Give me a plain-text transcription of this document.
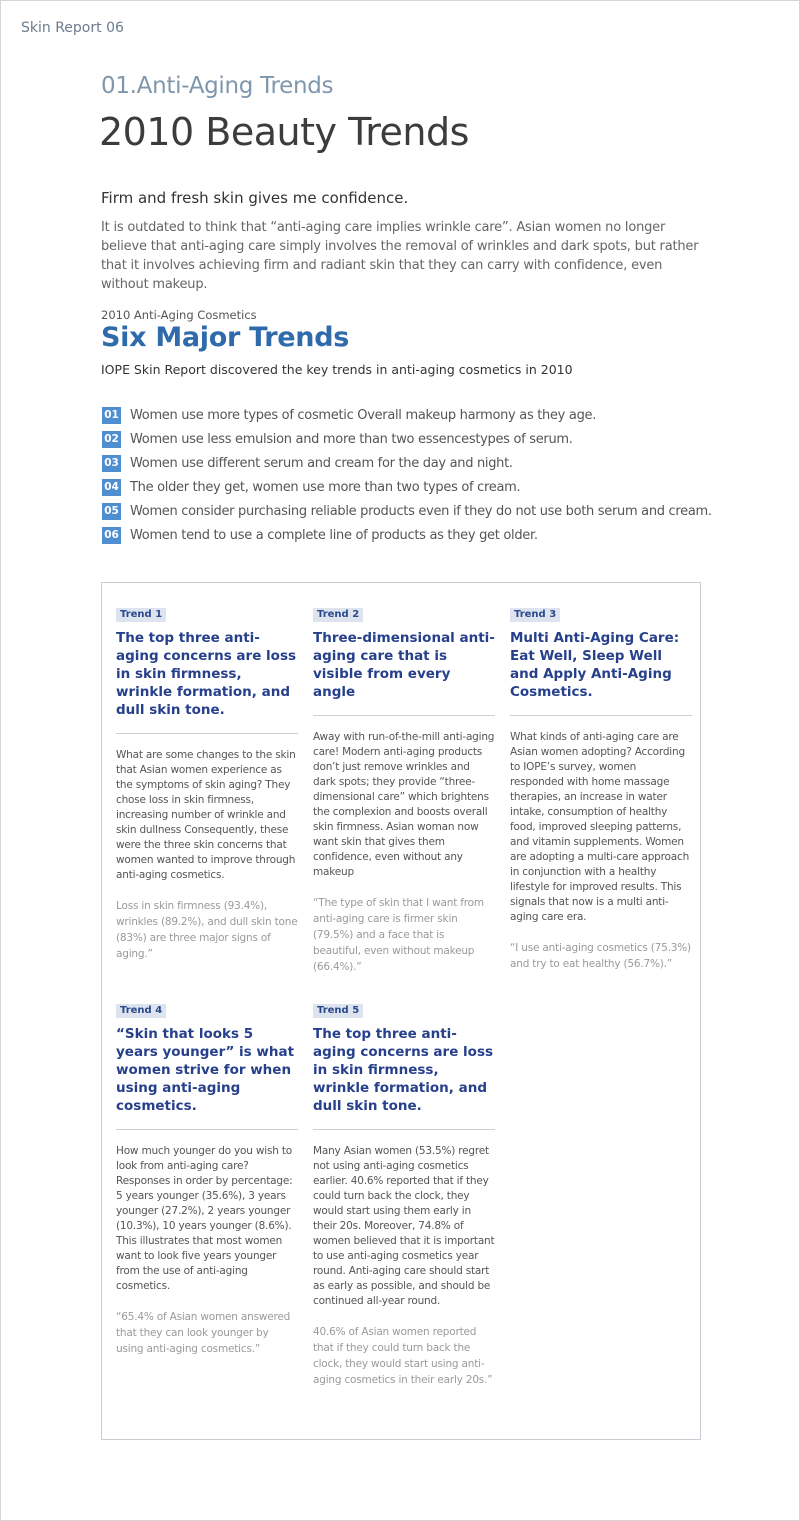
Skin Report 06
01.Anti-Aging Trends
2010 Beauty Trends
Firm and fresh skin gives me confidence.

It is outdated to think that “anti-aging care implies wrinkle care”. Asian women no longer believe that anti-aging care simply involves the removal of wrinkles and dark spots, but rather that it involves achieving firm and radiant skin that they can carry with confidence, even without makeup.

2010 Anti-Aging Cosmetics
Six Major Trends
IOPE Skin Report discovered the key trends in anti-aging cosmetics in 2010
01 Women use more types of cosmetic Overall makeup harmony as they age.
02 Women use less emulsion and more than two essencestypes of serum.
03 Women use different serum and cream for the day and night.
04 The older they get, women use more than two types of cream.
05 Women consider purchasing reliable products even if they do not use both serum and cream.
06 Women tend to use a complete line of products as they get older.
Trend 1
The top three anti-aging concerns are loss in skin firmness, wrinkle formation, and dull skin tone.

What are some changes to the skin that Asian women experience as the symptoms of skin aging? They chose loss in skin firmness, increasing number of wrinkle and skin dullness Consequently, these were the three skin concerns that women wanted to improve through anti-aging cosmetics.

Loss in skin firmness (93.4%), wrinkles (89.2%), and dull skin tone (83%) are three major signs of aging.”

Trend 2
Three-dimensional anti-aging care that is visible from every angle

Away with run-of-the-mill anti-aging care! Modern anti-aging products don’t just remove wrinkles and dark spots; they provide “three-dimensional care” which brightens the complexion and boosts overall skin firmness. Asian woman now want skin that gives them confidence, even without any makeup

“The type of skin that I want from anti-aging care is firmer skin (79.5%) and a face that is beautiful, even without makeup (66.4%).”

Trend 3
Multi Anti-Aging Care: Eat Well, Sleep Well and Apply Anti-Aging Cosmetics.

What kinds of anti-aging care are Asian women adopting? According to IOPE’s survey, women responded with home massage therapies, an increase in water intake, consumption of healthy food, improved sleeping patterns, and vitamin supplements. Women are adopting a multi-care approach in conjunction with a healthy lifestyle for improved results. This signals that now is a multi anti-aging care era.

“I use anti-aging cosmetics (75.3%) and try to eat healthy (56.7%).”

Trend 4
“Skin that looks 5 years younger” is what women strive for when using anti-aging cosmetics.

How much younger do you wish to look from anti-aging care? Responses in order by percentage: 5 years younger (35.6%), 3 years younger (27.2%), 2 years younger (10.3%), 10 years younger (8.6%). This illustrates that most women want to look five years younger from the use of anti-aging cosmetics.

“65.4% of Asian women answered that they can look younger by using anti-aging cosmetics.”

Trend 5
The top three anti-aging concerns are loss in skin firmness, wrinkle formation, and dull skin tone.

Many Asian women (53.5%) regret not using anti-aging cosmetics earlier. 40.6% reported that if they could turn back the clock, they would start using them early in their 20s. Moreover, 74.8% of women believed that it is important to use anti-aging cosmetics year round. Anti-aging care should start as early as possible, and should be continued all-year round.

40.6% of Asian women reported that if they could turn back the clock, they would start using anti-aging cosmetics in their early 20s.”
